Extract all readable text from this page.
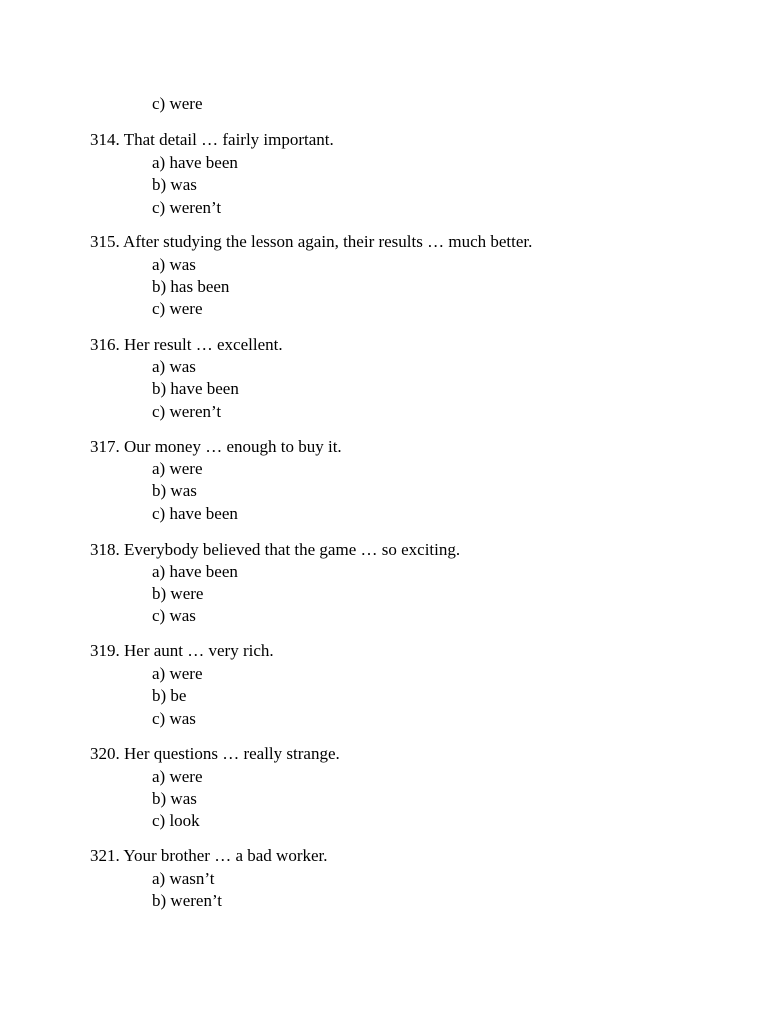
c) were
314. That detail … fairly important.
a) have been
b) was
c) weren’t
315. After studying the lesson again, their results … much better.
a) was
b) has been
c) were
316. Her result … excellent.
a) was
b) have been
c) weren’t
317. Our money … enough to buy it.
a) were
b) was
c) have been
318. Everybody believed that the game … so exciting.
a) have been
b) were
c) was
319. Her aunt … very rich.
a) were
b) be
c) was
320. Her questions … really strange.
a) were
b) was
c) look
321. Your brother … a bad worker.
a) wasn’t
b) weren’t
